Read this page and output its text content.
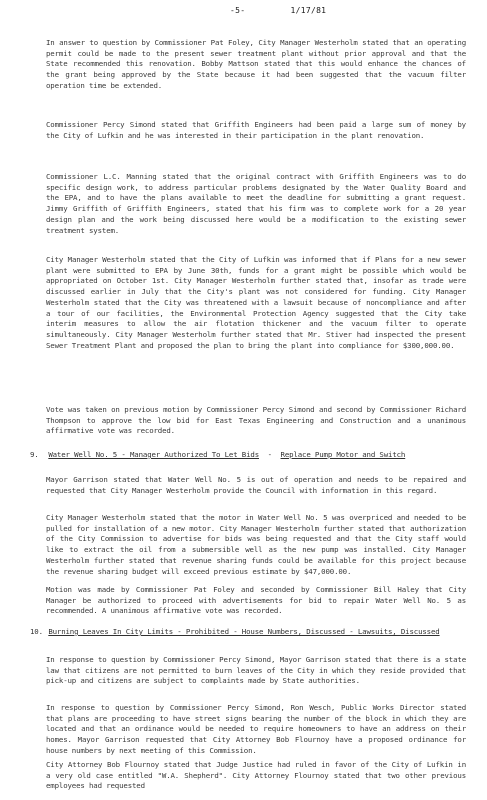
-5-	1/17/81
In answer to question by Commissioner Pat Foley, City Manager Westerholm stated that an operating permit could be made to the present sewer treatment plant without prior approval and that the State recommended this renovation. Bobby Mattson stated that this would enhance the chances of the grant being approved by the State because it had been suggested that the vacuum filter operation time be extended.
Commissioner Percy Simond stated that Griffith Engineers had been paid a large sum of money by the City of Lufkin and he was interested in their participation in the plant renovation.
Commissioner L.C. Manning stated that the original contract with Griffith Engineers was to do specific design work, to address particular problems designated by the Water Quality Board and the EPA, and to have the plans available to meet the deadline for submitting a grant request. Jimmy Griffith of Griffith Engineers, stated that his firm was to complete work for a 20 year design plan and the work being discussed here would be a modification to the existing sewer treatment system.
City Manager Westerholm stated that the City of Lufkin was informed that if Plans for a new sewer plant were submitted to EPA by June 30th, funds for a grant might be possible which would be appropriated on October 1st. City Manager Westerholm further stated that, insofar as trade were discussed earlier in July that the City's plant was not considered for funding. City Manager Westerholm stated that the City was threatened with a lawsuit because of noncompliance and after a tour of our facilities, the Environmental Protection Agency suggested that the City take interim measures to allow the air flotation thickener and the vacuum filter to operate simultaneously. City Manager Westerholm further stated that Mr. Stiver had inspected the present Sewer Treatment Plant and proposed the plan to bring the plant into compliance for $300,000.00.
Vote was taken on previous motion by Commissioner Percy Simond and second by Commissioner Richard Thompson to approve the low bid for East Texas Engineering and Construction and a unanimous affirmative vote was recorded.
9. Water Well No. 5 - Manager Authorized To Let Bids  -  Replace Pump Motor and Switch
Mayor Garrison stated that Water Well No. 5 is out of operation and needs to be repaired and requested that City Manager Westerholm provide the Council with information in this regard.
City Manager Westerholm stated that the motor in Water Well No. 5 was overpriced and needed to be pulled for installation of a new motor. City Manager Westerholm further stated that authorization of the City Commission to advertise for bids was being requested and that the City staff would like to extract the oil from a submersible well as the new pump was installed. City Manager Westerholm further stated that revenue sharing funds could be available for this project because the revenue sharing budget will exceed previous estimate by $47,000.00.
Motion was made by Commissioner Pat Foley and seconded by Commissioner Bill Haley that City Manager be authorized to proceed with advertisements for bid to repair Water Well No. 5 as recommended. A unanimous affirmative vote was recorded.
10. Burning Leaves In City Limits - Prohibited - House Numbers, Discussed - Lawsuits, Discussed
In response to question by Commissioner Percy Simond, Mayor Garrison stated that there is a state law that citizens are not permitted to burn leaves of the City in which they reside provided that pick-up and citizens are subject to complaints made by State authorities.
In response to question by Commissioner Percy Simond, Ron Wesch, Public Works Director stated that plans are proceeding to have street signs bearing the number of the block in which they are located and that an ordinance would be needed to require homeowners to have an address on their homes. Mayor Garrison requested that City Attorney Bob Flournoy have a proposed ordinance for house numbers by next meeting of this Commission.
City Attorney Bob Flournoy stated that Judge Justice had ruled in favor of the City of Lufkin in a very old case entitled "W.A. Shepherd". City Attorney Flournoy stated that two other previous employees had requested
